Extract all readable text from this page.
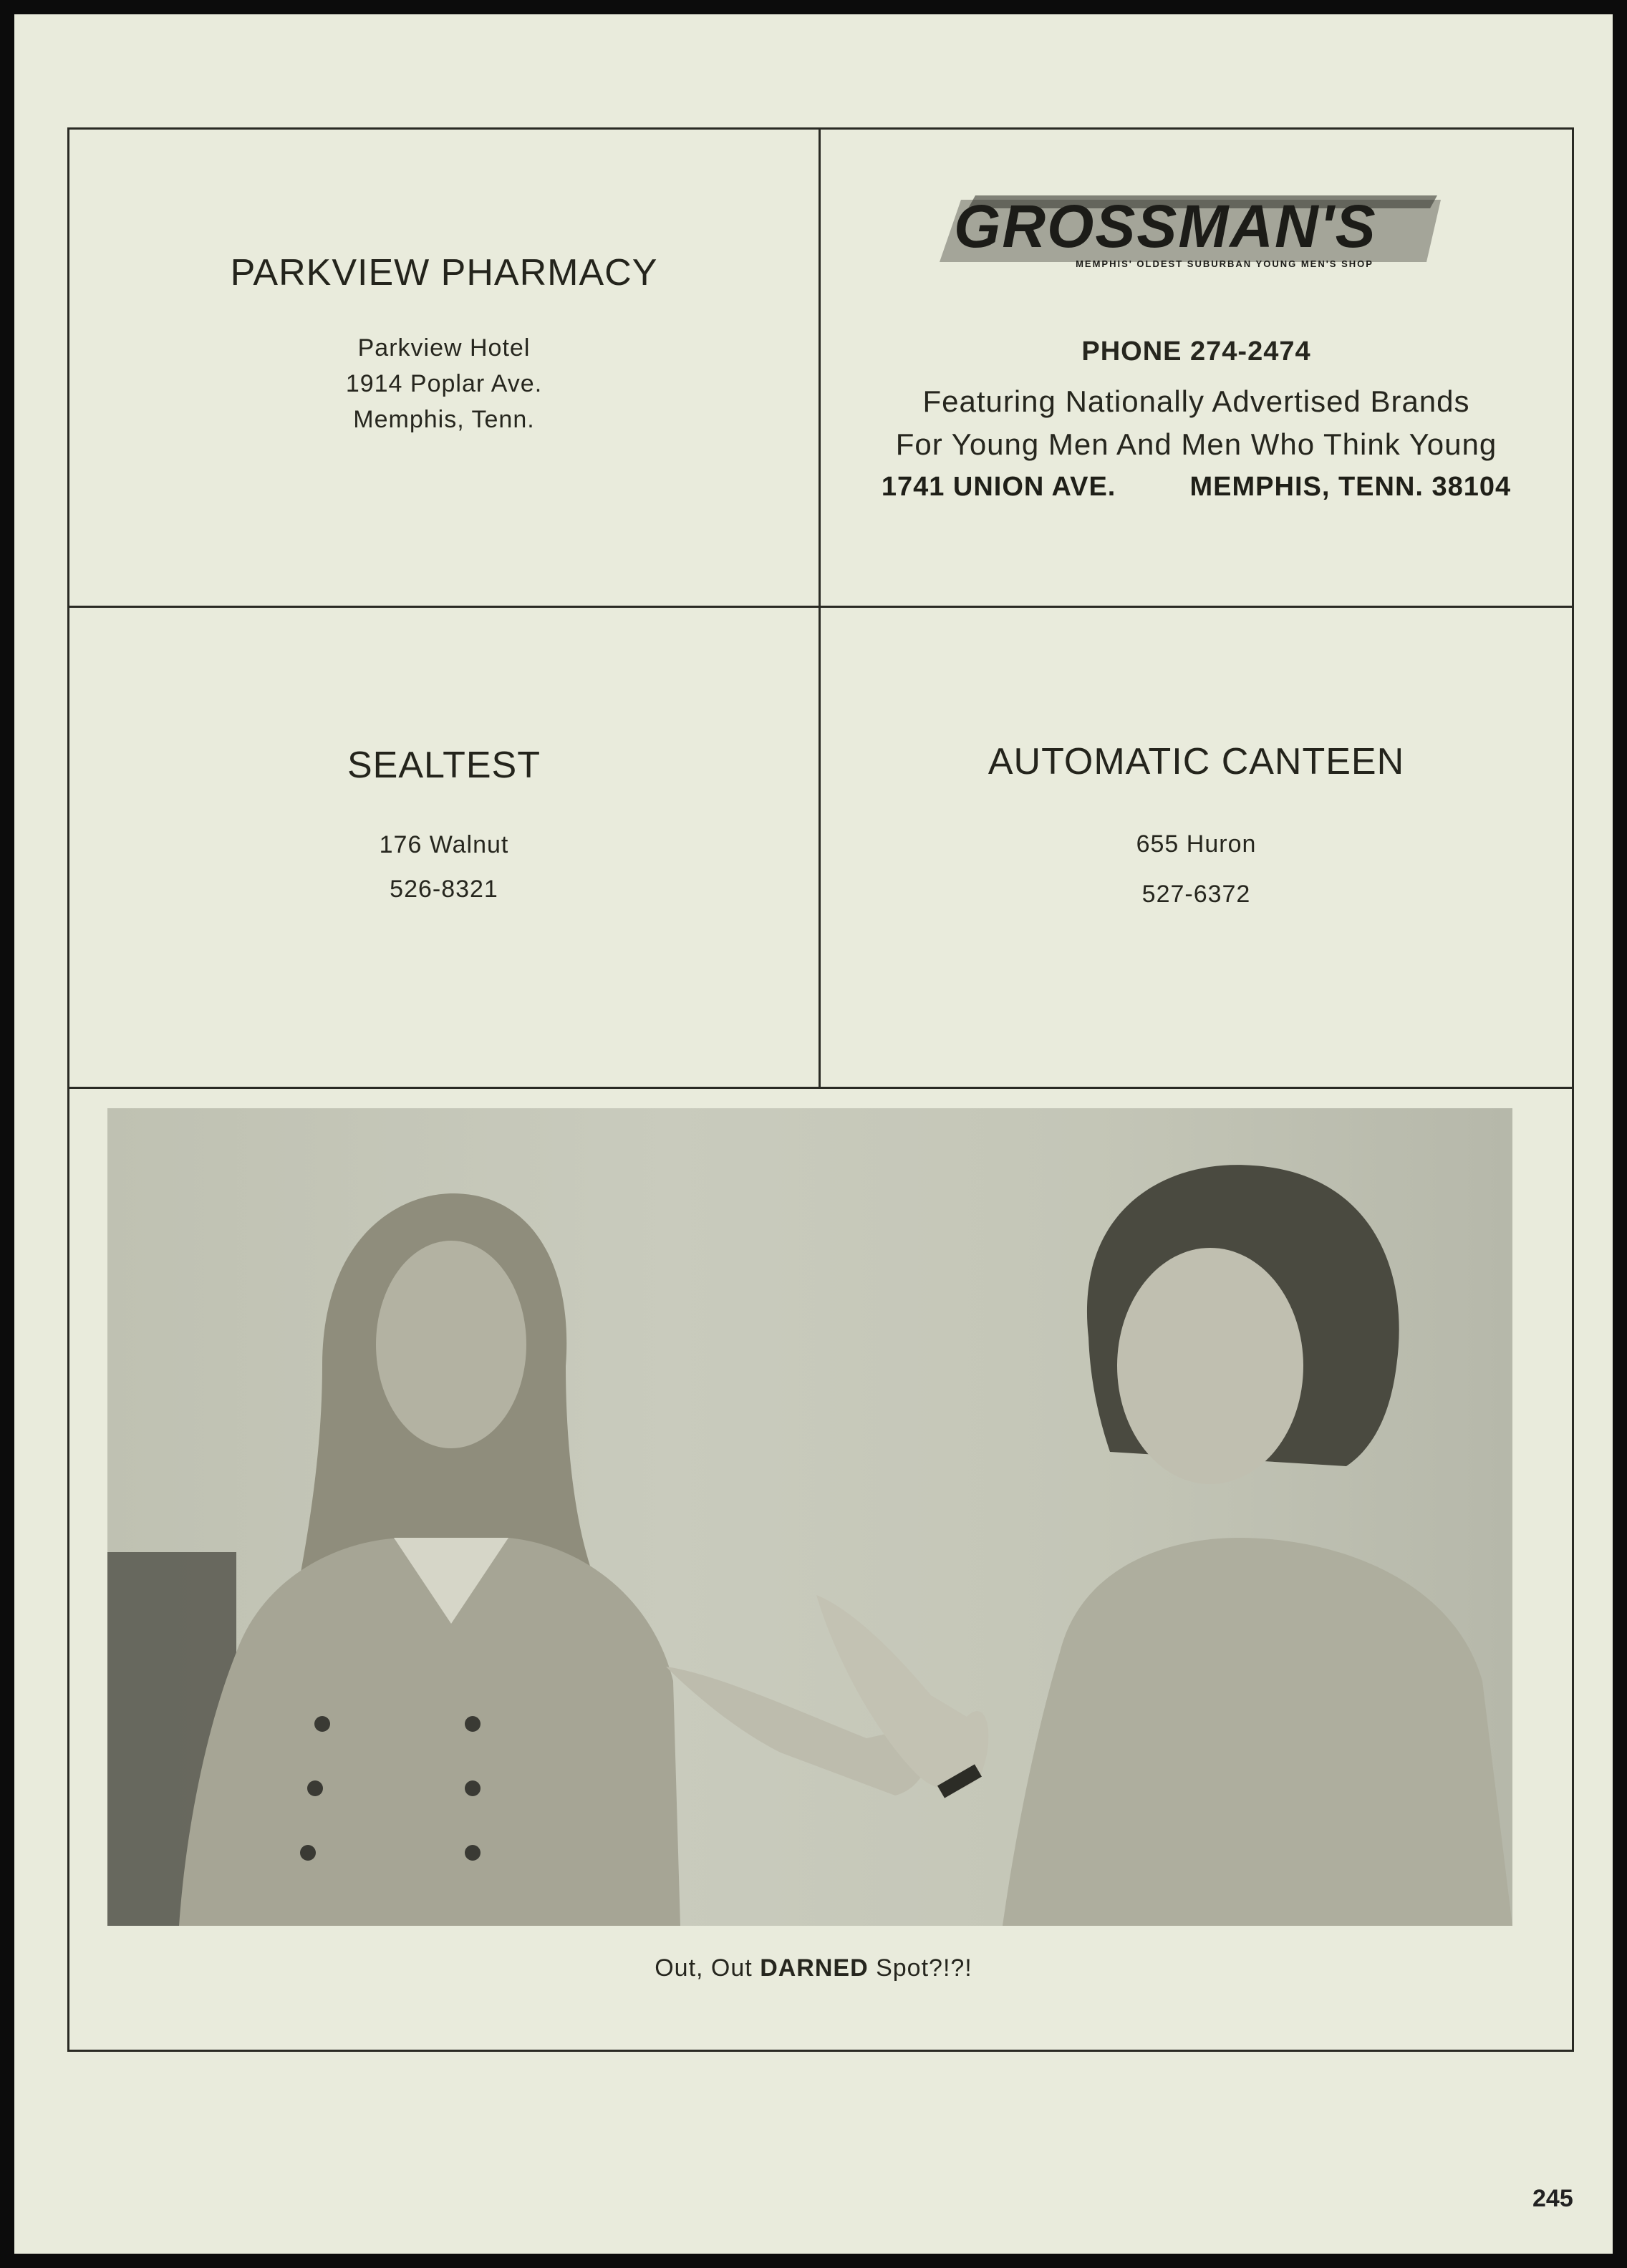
PARKVIEW PHARMACY
Parkview Hotel
1914 Poplar Ave.
Memphis, Tenn.
GROSSMAN'S
MEMPHIS' OLDEST SUBURBAN YOUNG MEN'S SHOP
PHONE 274-2474
Featuring Nationally Advertised Brands
For Young Men And Men Who Think Young
1741 UNION AVE.	MEMPHIS, TENN. 38104
SEALTEST
176 Walnut
526-8321
AUTOMATIC CANTEEN
655 Huron
527-6372
Out, Out DARNED Spot?!?!
245
